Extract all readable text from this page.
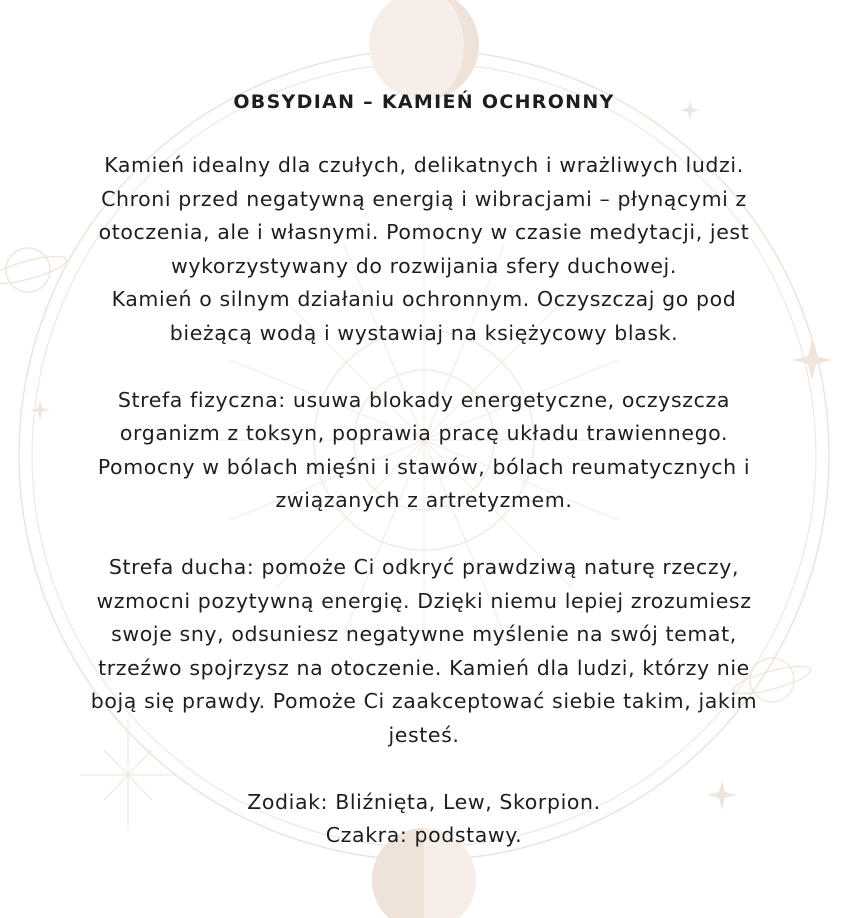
OBSYDIAN – KAMIEŃ OCHRONNY

Kamień idealny dla czułych, delikatnych i wrażliwych ludzi.
Chroni przed negatywną energią i wibracjami – płynącymi z
otoczenia, ale i własnymi. Pomocny w czasie medytacji, jest
wykorzystywany do rozwijania sfery duchowej.
Kamień o silnym działaniu ochronnym. Oczyszczaj go pod
bieżącą wodą i wystawiaj na księżycowy blask.

Strefa fizyczna: usuwa blokady energetyczne, oczyszcza
organizm z toksyn, poprawia pracę układu trawiennego.
Pomocny w bólach mięśni i stawów, bólach reumatycznych i
związanych z artretyzmem.

Strefa ducha: pomoże Ci odkryć prawdziwą naturę rzeczy,
wzmocni pozytywną energię. Dzięki niemu lepiej zrozumiesz
swoje sny, odsuniesz negatywne myślenie na swój temat,
trzeźwo spojrzysz na otoczenie. Kamień dla ludzi, którzy nie
boją się prawdy. Pomoże Ci zaakceptować siebie takim, jakim
jesteś.

Zodiak: Bliźnięta, Lew, Skorpion.
Czakra: podstawy.
